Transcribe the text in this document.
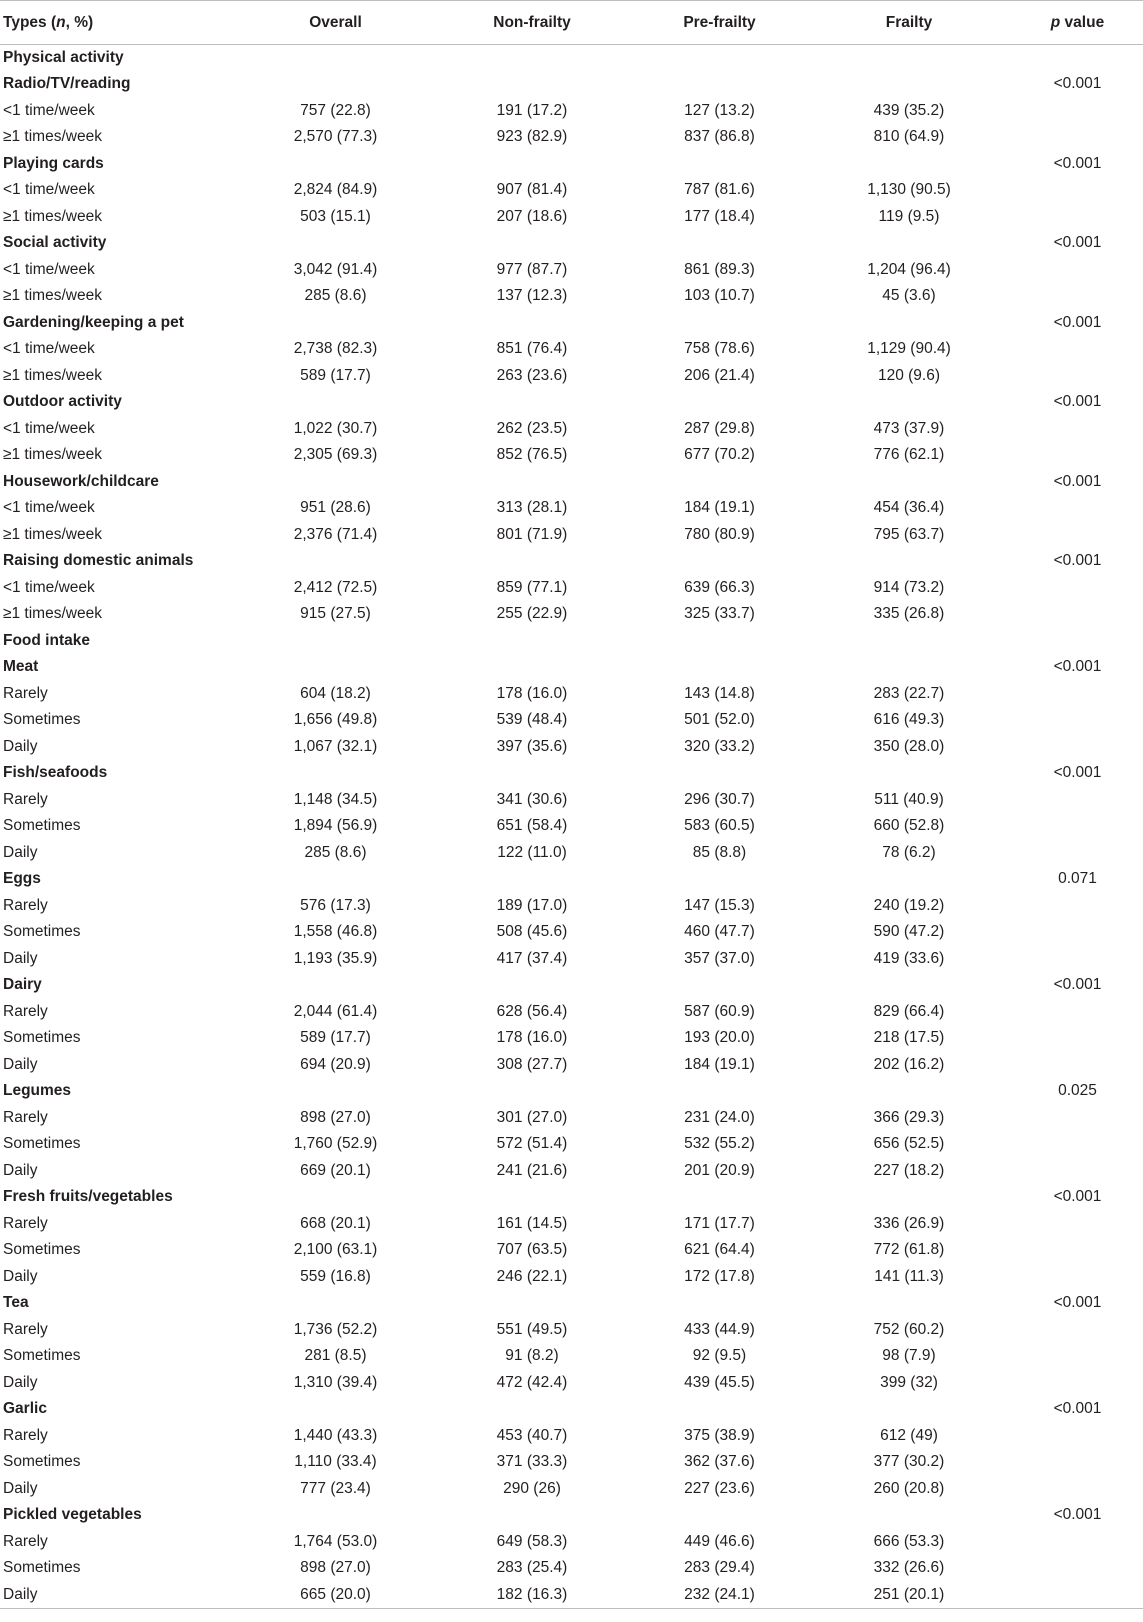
Types (n, %)	Overall	Non-frailty	Pre-frailty	Frailty	p value
Physical activity					
Radio/TV/reading					<0.001
<1 time/week	757 (22.8)	191 (17.2)	127 (13.2)	439 (35.2)	
≥1 times/week	2,570 (77.3)	923 (82.9)	837 (86.8)	810 (64.9)	
Playing cards					<0.001
<1 time/week	2,824 (84.9)	907 (81.4)	787 (81.6)	1,130 (90.5)	
≥1 times/week	503 (15.1)	207 (18.6)	177 (18.4)	119 (9.5)	
Social activity					<0.001
<1 time/week	3,042 (91.4)	977 (87.7)	861 (89.3)	1,204 (96.4)	
≥1 times/week	285 (8.6)	137 (12.3)	103 (10.7)	45 (3.6)	
Gardening/keeping a pet					<0.001
<1 time/week	2,738 (82.3)	851 (76.4)	758 (78.6)	1,129 (90.4)	
≥1 times/week	589 (17.7)	263 (23.6)	206 (21.4)	120 (9.6)	
Outdoor activity					<0.001
<1 time/week	1,022 (30.7)	262 (23.5)	287 (29.8)	473 (37.9)	
≥1 times/week	2,305 (69.3)	852 (76.5)	677 (70.2)	776 (62.1)	
Housework/childcare					<0.001
<1 time/week	951 (28.6)	313 (28.1)	184 (19.1)	454 (36.4)	
≥1 times/week	2,376 (71.4)	801 (71.9)	780 (80.9)	795 (63.7)	
Raising domestic animals					<0.001
<1 time/week	2,412 (72.5)	859 (77.1)	639 (66.3)	914 (73.2)	
≥1 times/week	915 (27.5)	255 (22.9)	325 (33.7)	335 (26.8)	
Food intake					
Meat					<0.001
Rarely	604 (18.2)	178 (16.0)	143 (14.8)	283 (22.7)	
Sometimes	1,656 (49.8)	539 (48.4)	501 (52.0)	616 (49.3)	
Daily	1,067 (32.1)	397 (35.6)	320 (33.2)	350 (28.0)	
Fish/seafoods					<0.001
Rarely	1,148 (34.5)	341 (30.6)	296 (30.7)	511 (40.9)	
Sometimes	1,894 (56.9)	651 (58.4)	583 (60.5)	660 (52.8)	
Daily	285 (8.6)	122 (11.0)	85 (8.8)	78 (6.2)	
Eggs					0.071
Rarely	576 (17.3)	189 (17.0)	147 (15.3)	240 (19.2)	
Sometimes	1,558 (46.8)	508 (45.6)	460 (47.7)	590 (47.2)	
Daily	1,193 (35.9)	417 (37.4)	357 (37.0)	419 (33.6)	
Dairy					<0.001
Rarely	2,044 (61.4)	628 (56.4)	587 (60.9)	829 (66.4)	
Sometimes	589 (17.7)	178 (16.0)	193 (20.0)	218 (17.5)	
Daily	694 (20.9)	308 (27.7)	184 (19.1)	202 (16.2)	
Legumes					0.025
Rarely	898 (27.0)	301 (27.0)	231 (24.0)	366 (29.3)	
Sometimes	1,760 (52.9)	572 (51.4)	532 (55.2)	656 (52.5)	
Daily	669 (20.1)	241 (21.6)	201 (20.9)	227 (18.2)	
Fresh fruits/vegetables					<0.001
Rarely	668 (20.1)	161 (14.5)	171 (17.7)	336 (26.9)	
Sometimes	2,100 (63.1)	707 (63.5)	621 (64.4)	772 (61.8)	
Daily	559 (16.8)	246 (22.1)	172 (17.8)	141 (11.3)	
Tea					<0.001
Rarely	1,736 (52.2)	551 (49.5)	433 (44.9)	752 (60.2)	
Sometimes	281 (8.5)	91 (8.2)	92 (9.5)	98 (7.9)	
Daily	1,310 (39.4)	472 (42.4)	439 (45.5)	399 (32)	
Garlic					<0.001
Rarely	1,440 (43.3)	453 (40.7)	375 (38.9)	612 (49)	
Sometimes	1,110 (33.4)	371 (33.3)	362 (37.6)	377 (30.2)	
Daily	777 (23.4)	290 (26)	227 (23.6)	260 (20.8)	
Pickled vegetables					<0.001
Rarely	1,764 (53.0)	649 (58.3)	449 (46.6)	666 (53.3)	
Sometimes	898 (27.0)	283 (25.4)	283 (29.4)	332 (26.6)	
Daily	665 (20.0)	182 (16.3)	232 (24.1)	251 (20.1)	
